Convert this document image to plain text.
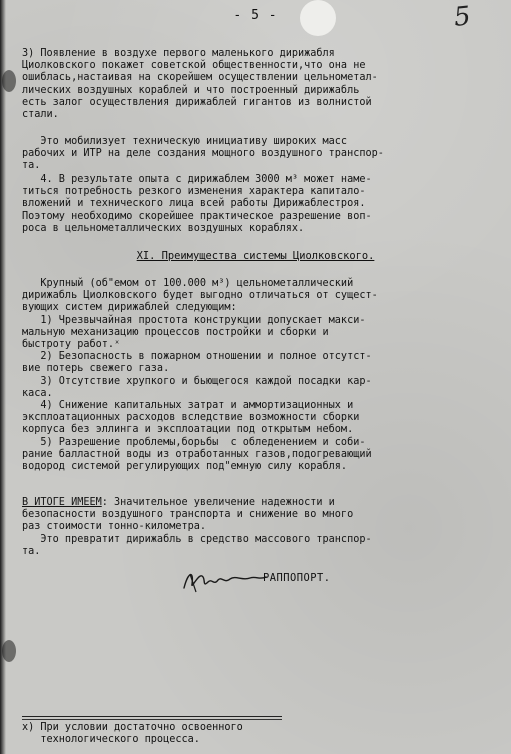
- 5 -	5
3) Появление в воздухе первого маленького дирижабля
Циолковского покажет советской общественности,что она не
ошиблась,настаивая на скорейшем осуществлении цельнометал-
лических воздушных кораблей и что построенный дирижабль
есть залог осуществления дирижаблей гигантов из волнистой
стали.
Это мобилизует техническую инициативу широких масс
рабочих и ИТР на деле создания мощного воздушного транспор-
та.
4. В результате опыта с дирижаблем 3000 м³ может наме-
титься потребность резкого изменения характера капитало-
вложений и технического лица всей работы Дирижаблестроя.
Поэтому необходимо скорейшее практическое разрешение воп-
роса в цельнометаллических воздушных кораблях.
XI. Преимущества системы Циолковского.
Крупный (об"емом от 100.000 м³) цельнометаллический
дирижабль Циолковского будет выгодно отличаться от сущест-
вующих систем дирижаблей следующим:
1) Чрезвычайная простота конструкции допускает макси-
мальную механизацию процессов постройки и сборки и
быстроту работ.ˣ
2) Безопасность в пожарном отношении и полное отсутст-
вие потерь свежего газа.
3) Отсутствие хрупкого и бьющегося каждой посадки кар-
каса.
4) Снижение капитальных затрат и аммортизационных и
эксплоатационных расходов вследствие возможности сборки
корпуса без эллинга и эксплоатации под открытым небом.
5) Разрешение проблемы,борьбы  с обледенением и соби-
рание балластной воды из отработанных газов,подогревающий
водород системой регулирующих под"емную силу корабля.
В ИТОГЕ ИМЕЕМ: Значительное увеличение надежности и
безопасности воздушного транспорта и снижение во много
раз стоимости тонно-километра.
Это превратит дирижабль в средство массового транспор-
та.
РАППОПОРТ.
x) При условии достаточно освоенного
технологического процесса.
